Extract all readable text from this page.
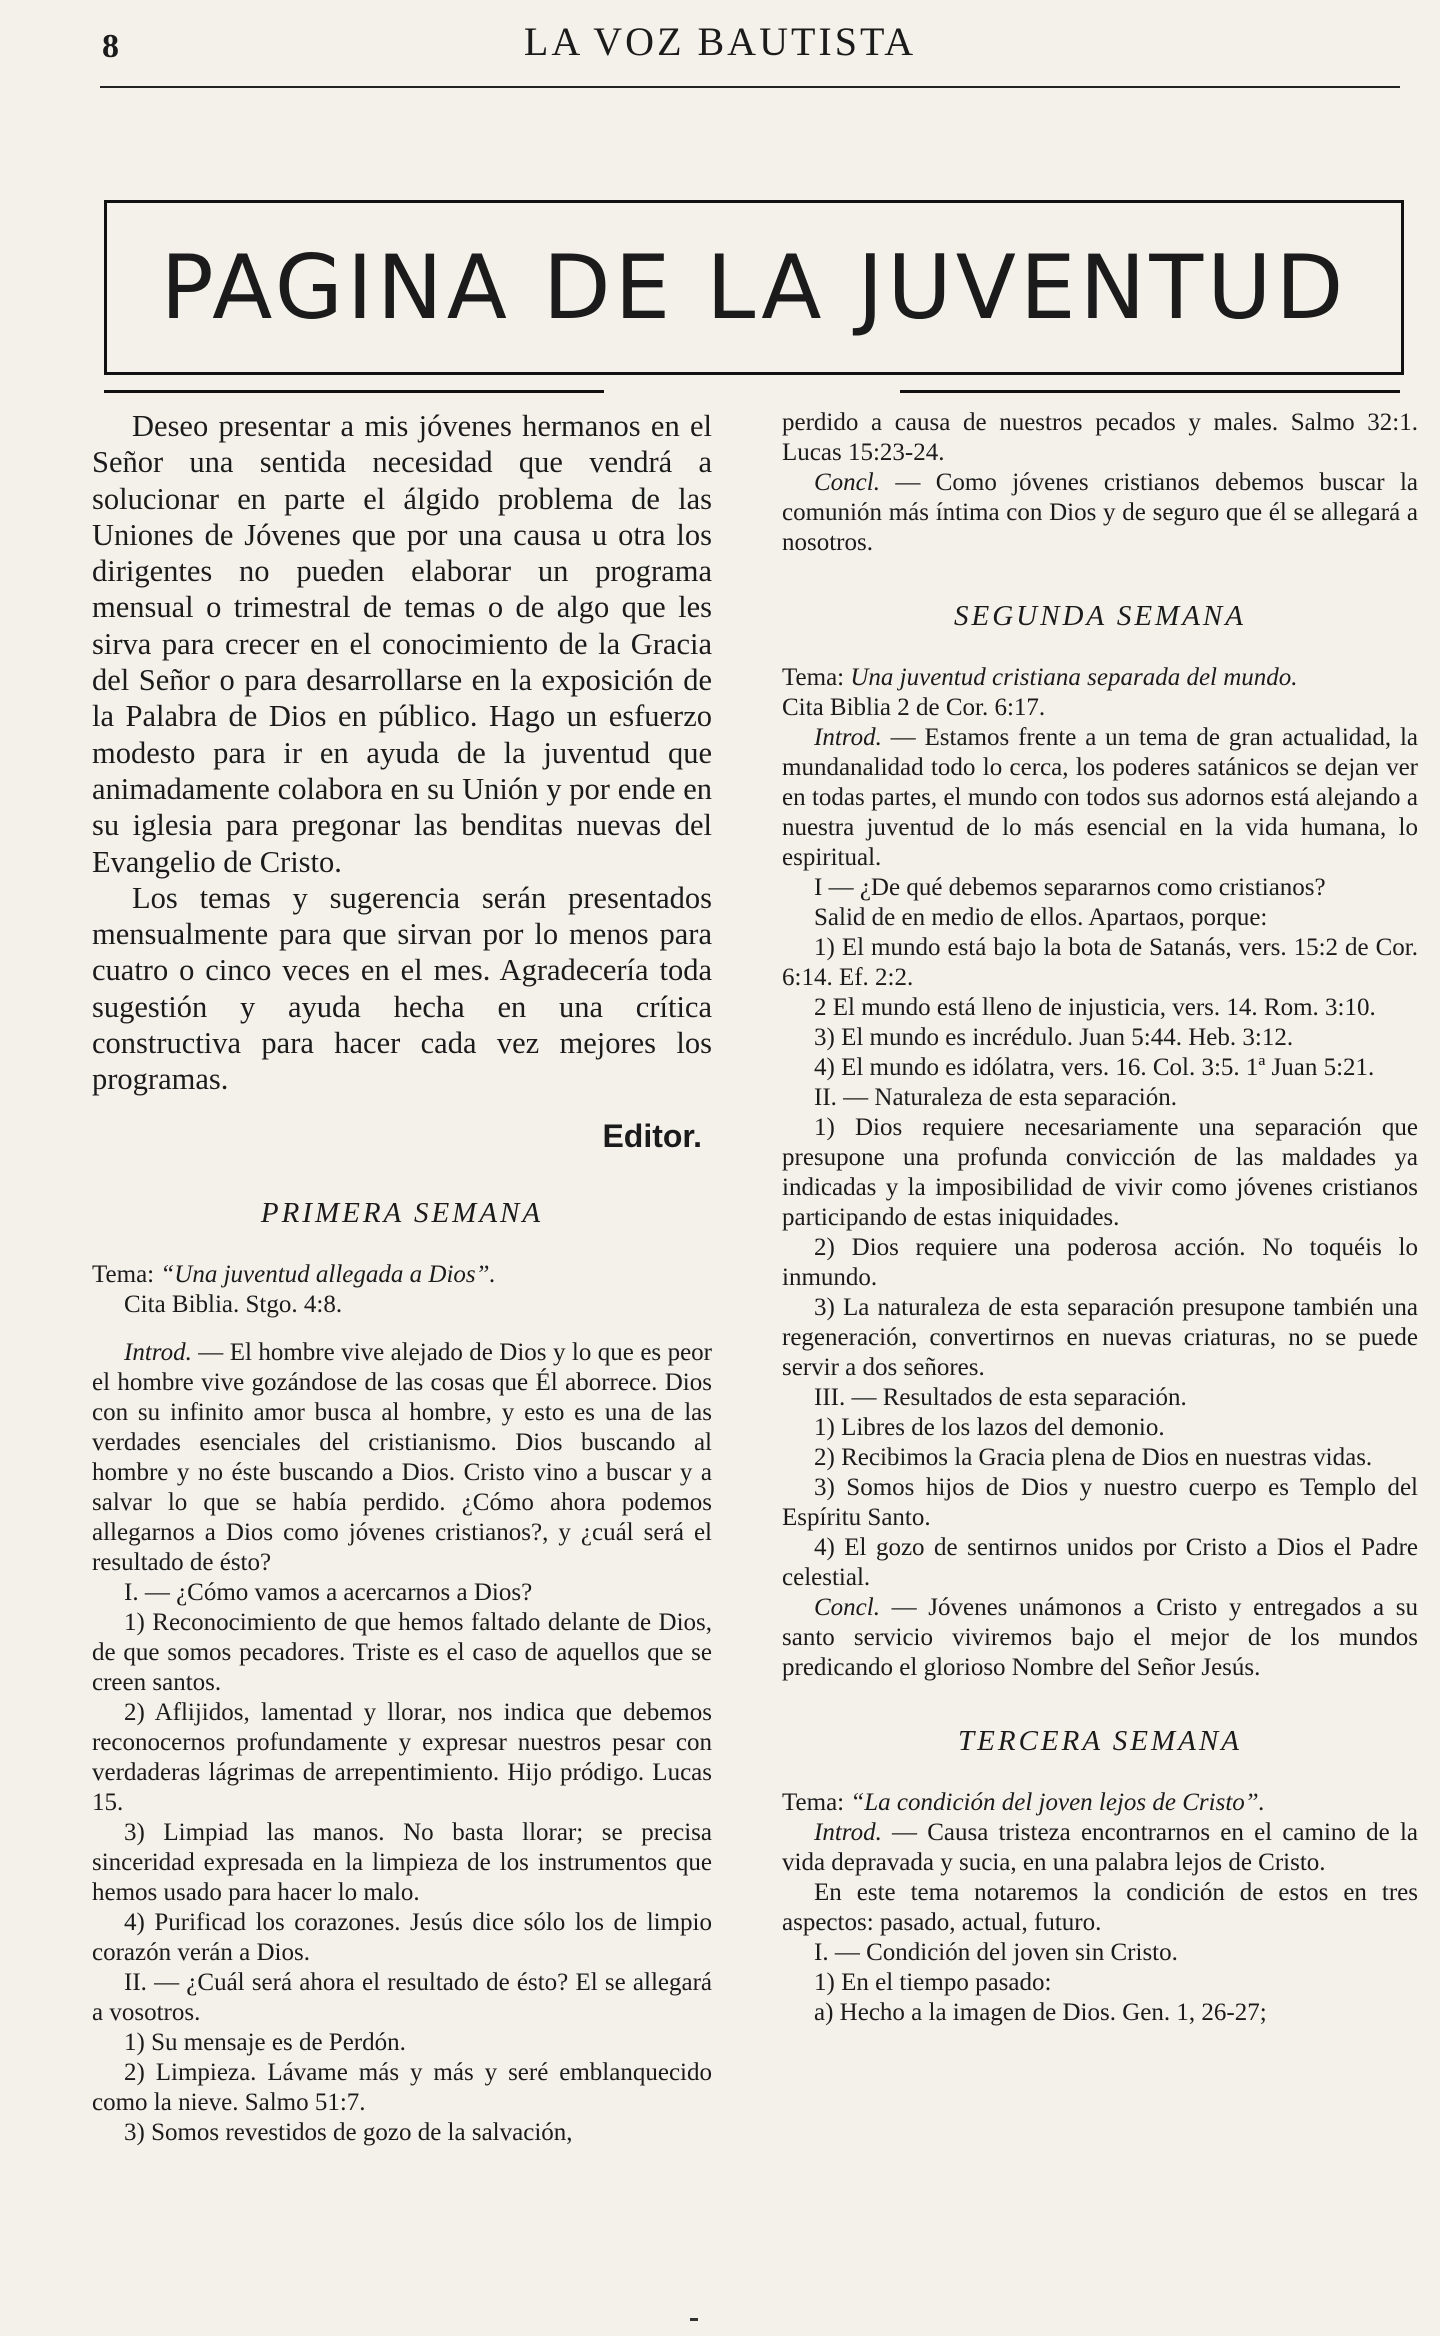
8	LA VOZ BAUTISTA
PAGINA DE LA JUVENTUD

Deseo presentar a mis jóvenes hermanos en el Señor una sentida necesidad que vendrá a solucionar en parte el álgido problema de las Uniones de Jóvenes que por una causa u otra los dirigentes no pueden elaborar un programa mensual o trimestral de temas o de algo que les sirva para crecer en el conocimiento de la Gracia del Señor o para desarrollarse en la exposición de la Palabra de Dios en público. Hago un esfuerzo modesto para ir en ayuda de la juventud que animadamente colabora en su Unión y por ende en su iglesia para pregonar las benditas nuevas del Evangelio de Cristo.

Los temas y sugerencia serán presentados mensualmente para que sirvan por lo menos para cuatro o cinco veces en el mes. Agradecería toda sugestión y ayuda hecha en una crítica constructiva para hacer cada vez mejores los programas.

Editor.
PRIMERA SEMANA

Tema: “Una juventud allegada a Dios”.

Cita Biblia. Stgo. 4:8.

Introd. — El hombre vive alejado de Dios y lo que es peor el hombre vive gozándose de las cosas que Él aborrece. Dios con su infinito amor busca al hombre, y esto es una de las verdades esenciales del cristianismo. Dios buscando al hombre y no éste buscando a Dios. Cristo vino a buscar y a salvar lo que se había perdido. ¿Cómo ahora podemos allegarnos a Dios como jóvenes cristianos?, y ¿cuál será el resultado de ésto?

I. — ¿Cómo vamos a acercarnos a Dios?

1) Reconocimiento de que hemos faltado delante de Dios, de que somos pecadores. Triste es el caso de aquellos que se creen santos.

2) Aflijidos, lamentad y llorar, nos indica que debemos reconocernos profundamente y expresar nuestros pesar con verdaderas lágrimas de arrepentimiento. Hijo pródigo. Lucas 15.

3) Limpiad las manos. No basta llorar; se precisa sinceridad expresada en la limpieza de los instrumentos que hemos usado para hacer lo malo.

4) Purificad los corazones. Jesús dice sólo los de limpio corazón verán a Dios.

II. — ¿Cuál será ahora el resultado de ésto? El se allegará a vosotros.

1) Su mensaje es de Perdón.

2) Limpieza. Lávame más y más y seré emblanquecido como la nieve. Salmo 51:7.

3) Somos revestidos de gozo de la salvación,

perdido a causa de nuestros pecados y males. Salmo 32:1. Lucas 15:23-24.

Concl. — Como jóvenes cristianos debemos buscar la comunión más íntima con Dios y de seguro que él se allegará a nosotros.

SEGUNDA SEMANA

Tema: Una juventud cristiana separada del mundo.

Cita Biblia 2 de Cor. 6:17.

Introd. — Estamos frente a un tema de gran actualidad, la mundanalidad todo lo cerca, los poderes satánicos se dejan ver en todas partes, el mundo con todos sus adornos está alejando a nuestra juventud de lo más esencial en la vida humana, lo espiritual.

I — ¿De qué debemos separarnos como cristianos?

Salid de en medio de ellos. Apartaos, porque:

1) El mundo está bajo la bota de Satanás, vers. 15:2 de Cor. 6:14. Ef. 2:2.

2 El mundo está lleno de injusticia, vers. 14. Rom. 3:10.

3) El mundo es incrédulo. Juan 5:44. Heb. 3:12.

4) El mundo es idólatra, vers. 16. Col. 3:5. 1ª Juan 5:21.

II. — Naturaleza de esta separación.

1) Dios requiere necesariamente una separación que presupone una profunda convicción de las maldades ya indicadas y la imposibilidad de vivir como jóvenes cristianos participando de estas iniquidades.

2) Dios requiere una poderosa acción. No toquéis lo inmundo.

3) La naturaleza de esta separación presupone también una regeneración, convertirnos en nuevas criaturas, no se puede servir a dos señores.

III. — Resultados de esta separación.

1) Libres de los lazos del demonio.

2) Recibimos la Gracia plena de Dios en nuestras vidas.

3) Somos hijos de Dios y nuestro cuerpo es Templo del Espíritu Santo.

4) El gozo de sentirnos unidos por Cristo a Dios el Padre celestial.

Concl. — Jóvenes unámonos a Cristo y entregados a su santo servicio viviremos bajo el mejor de los mundos predicando el glorioso Nombre del Señor Jesús.

TERCERA SEMANA

Tema: “La condición del joven lejos de Cristo”.

Introd. — Causa tristeza encontrarnos en el camino de la vida depravada y sucia, en una palabra lejos de Cristo.

En este tema notaremos la condición de estos en tres aspectos: pasado, actual, futuro.

I. — Condición del joven sin Cristo.

1) En el tiempo pasado:

a) Hecho a la imagen de Dios. Gen. 1, 26-27;
